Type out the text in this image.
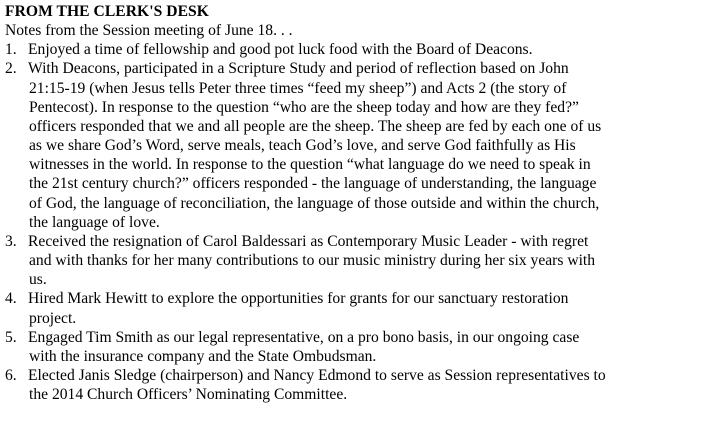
FROM THE CLERK'S DESK
Notes from the Session meeting of June 18. . .
1. Enjoyed a time of fellowship and good pot luck food with the Board of Deacons.
2. With Deacons, participated in a Scripture Study and period of reflection based on John
21:15-19 (when Jesus tells Peter three times “feed my sheep”) and Acts 2 (the story of
Pentecost). In response to the question “who are the sheep today and how are they fed?”
officers responded that we and all people are the sheep. The sheep are fed by each one of us
as we share God’s Word, serve meals, teach God’s love, and serve God faithfully as His
witnesses in the world. In response to the question “what language do we need to speak in
the 21st century church?” officers responded - the language of understanding, the language
of God, the language of reconciliation, the language of those outside and within the church,
the language of love.
3. Received the resignation of Carol Baldessari as Contemporary Music Leader - with regret
and with thanks for her many contributions to our music ministry during her six years with
us.
4. Hired Mark Hewitt to explore the opportunities for grants for our sanctuary restoration
project.
5. Engaged Tim Smith as our legal representative, on a pro bono basis, in our ongoing case
with the insurance company and the State Ombudsman.
6. Elected Janis Sledge (chairperson) and Nancy Edmond to serve as Session representatives to
the 2014 Church Officers’ Nominating Committee.
